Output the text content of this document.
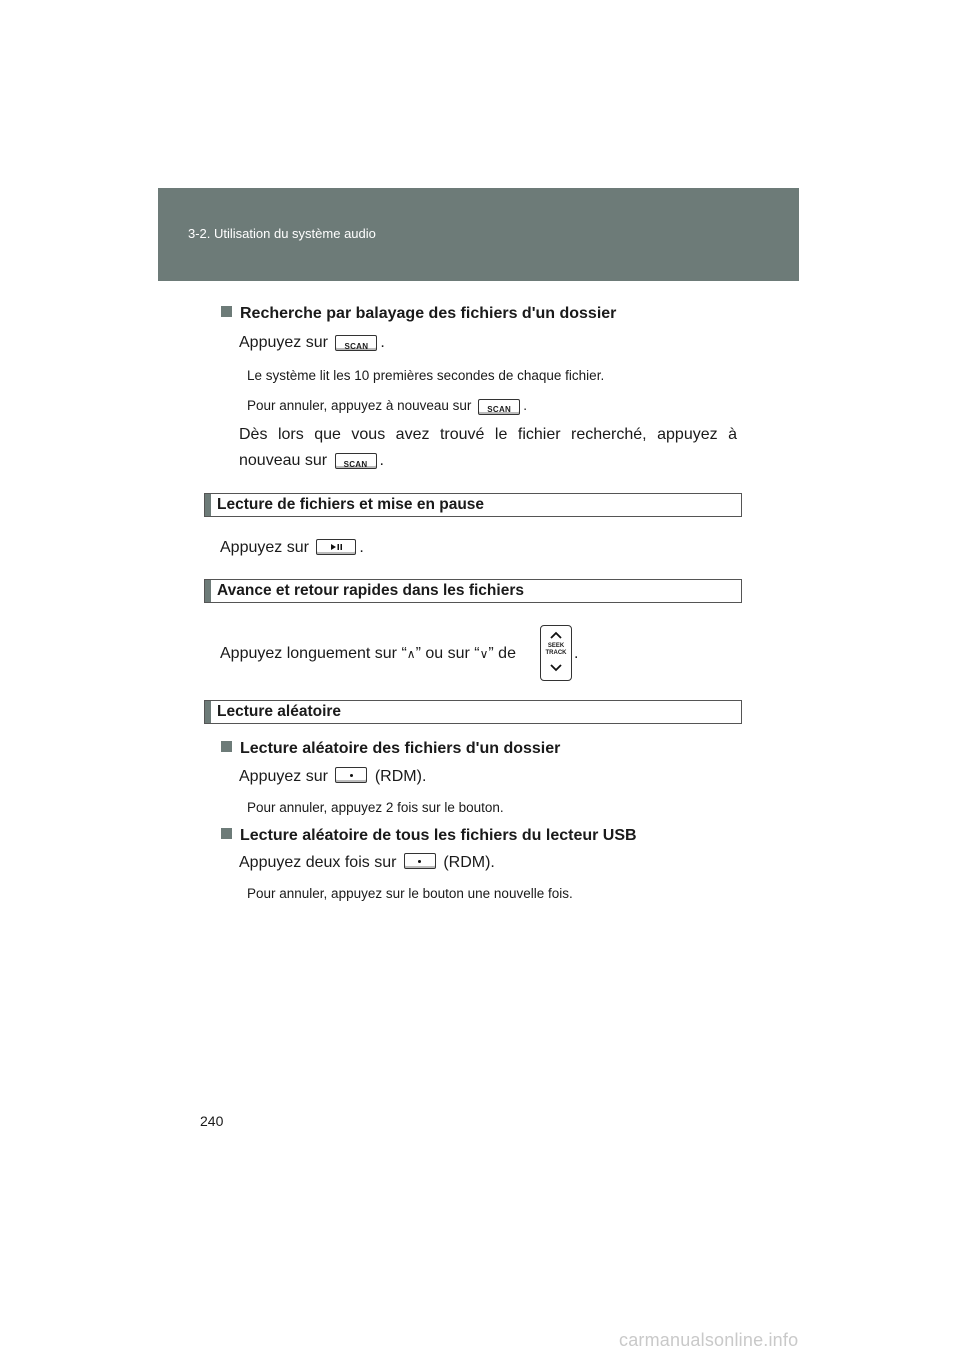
3-2. Utilisation du système audio
Recherche par balayage des fichiers d'un dossier
Appuyez sur SCAN .
Le système lit les 10 premières secondes de chaque fichier.
Pour annuler, appuyez à nouveau sur SCAN .
Dès lors que vous avez trouvé le fichier recherché, appuyez à
nouveau sur SCAN .
Lecture de fichiers et mise en pause
Appuyez sur	.
Avance et retour rapides dans les fichiers
Appuyez longuement sur “∧” ou sur “∨” de	SEEK
TRACK .
Lecture aléatoire
Lecture aléatoire des fichiers d'un dossier
Appuyez sur	(RDM).
Pour annuler, appuyez 2 fois sur le bouton.
Lecture aléatoire de tous les fichiers du lecteur USB
Appuyez deux fois sur	(RDM).
Pour annuler, appuyez sur le bouton une nouvelle fois.
240
carmanualsonline.info
